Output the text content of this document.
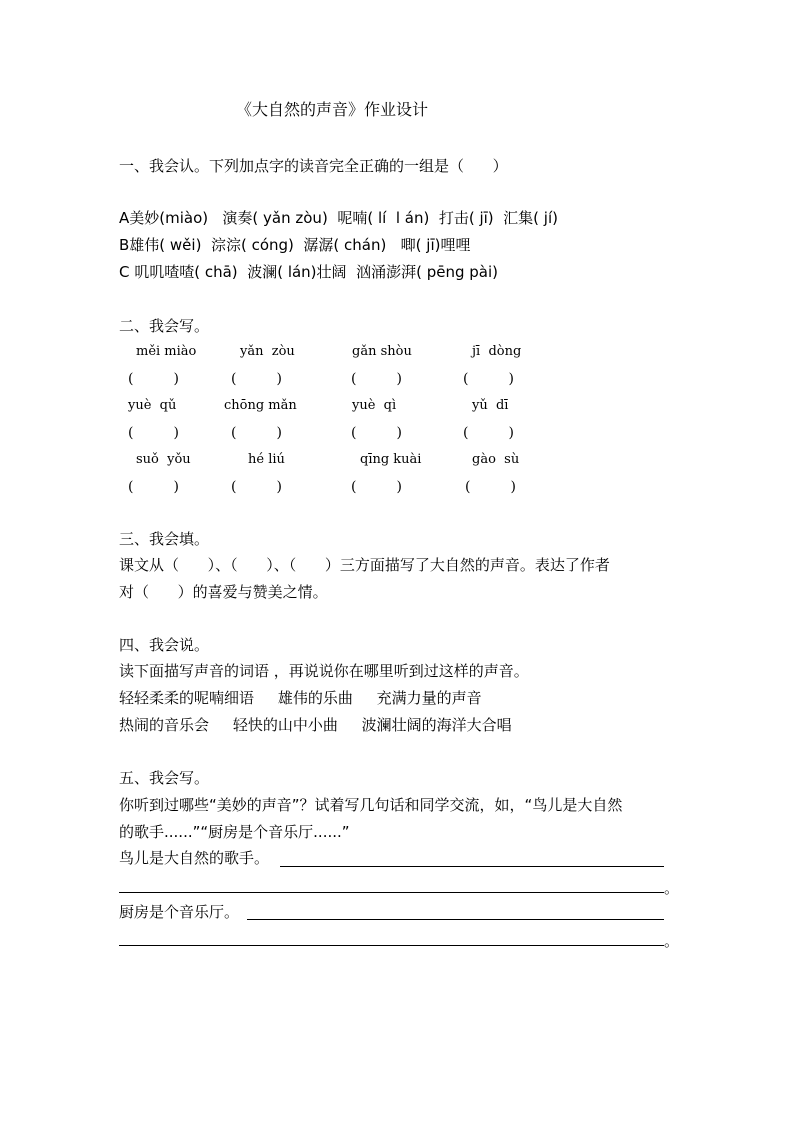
《大自然的声音》作业设计
一、我会认。下列加点字的读音完全正确的一组是（      ）
A美妙(miào)   演奏( yǎn zòu)  呢喃( lí  l án)  打击( jī)  汇集( jí)
B雄伟( wěi)  淙淙( cóng)  潺潺( chán)   唧( jī)哩哩
C 叽叽喳喳( chā)  波澜( lán)壮阔  汹涌澎湃( pēng pài)
二、我会写。
měi miào	yǎn  zòu	gǎn shòu	jī  dòng
(         )	(         )	(         )	(         )
yuè  qǔ	chōng mǎn	yuè  qì	yǔ  dī
(         )	(         )	(         )	(         )
suǒ  yǒu	hé liú	qīng kuài	gào  sù
(         )	(         )	(         )	(         )
三、我会填。
课文从（      ）、（      ）、（      ）三方面描写了大自然的声音。表达了作者
对（      ）的喜爱与赞美之情。
四、我会说。
读下面描写声音的词语 ，再说说你在哪里听到过这样的声音。
轻轻柔柔的呢喃细语     雄伟的乐曲     充满力量的声音
热闹的音乐会     轻快的山中小曲     波澜壮阔的海洋大合唱
五、我会写。
你听到过哪些“美妙的声音”？试着写几句话和同学交流，如，“鸟儿是大自然
的歌手......”“厨房是个音乐厅......”
鸟儿是大自然的歌手。
。
厨房是个音乐厅。
。
